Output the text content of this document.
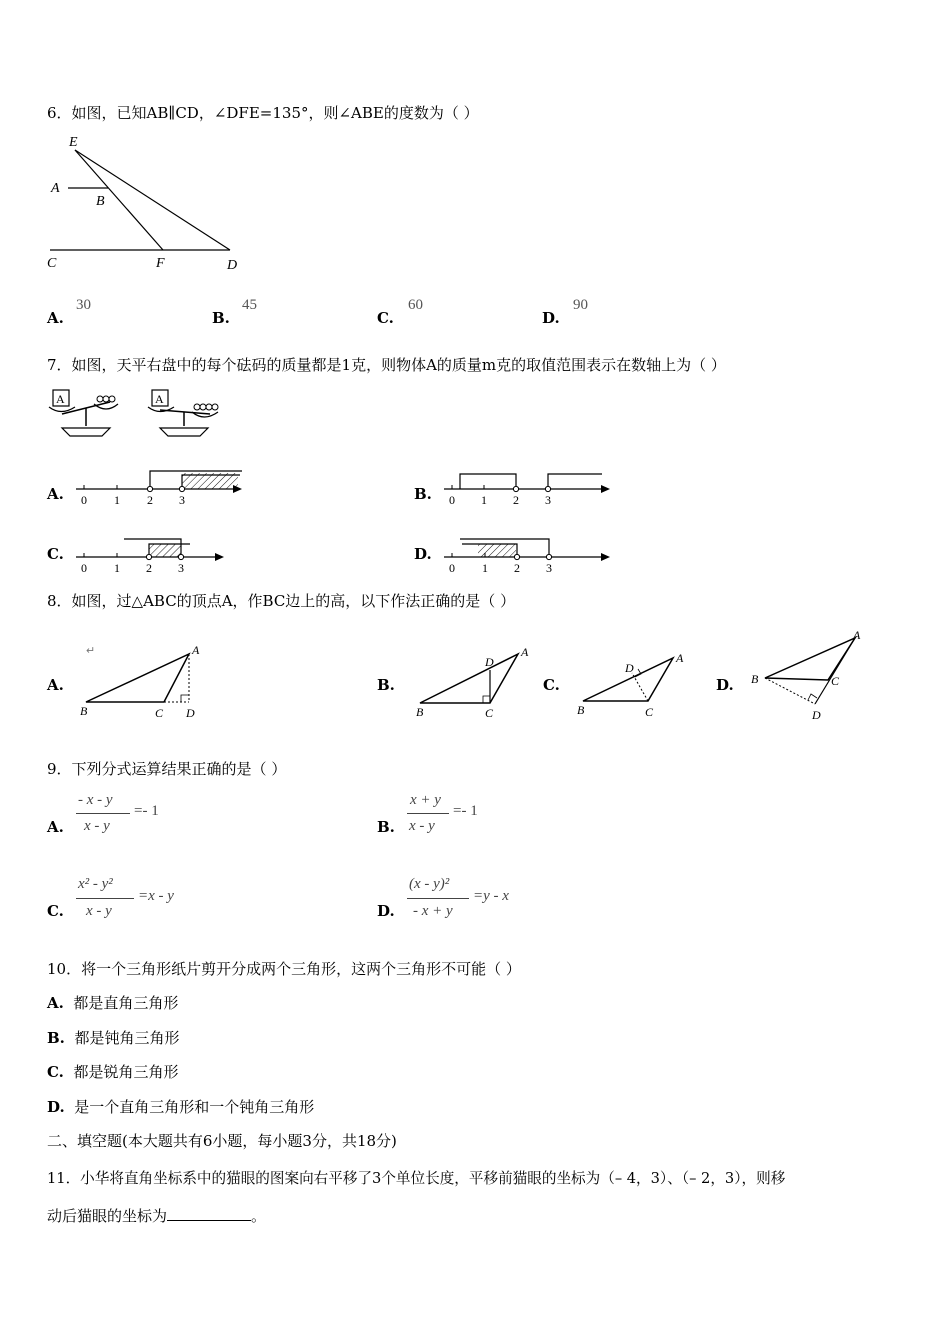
6．如图，已知AB∥CD，∠DFE=135°，则∠ABE的度数为（ ）
E
A
B
C	F	D
A.
30
B.
45
C.
60
D.
90
7．如图，天平右盘中的每个砝码的质量都是1克，则物体A的质量m克的取值范围表示在数轴上为（ ）
A	A
A. 0 1 2 3	B. 0 1 2 3
C.
0 1 2 3
D.
0 1 2 3
8．如图，过△ABC的顶点A，作BC边上的高，以下作法正确的是（ ）
A.
↵	A
B	C D
B.
A
B	C
D
C.
A
B	C
D
D.
A
B	C
D
9．下列分式运算结果正确的是（ ）
A.
- x - y
x - y
=- 1
B.
x + y
x - y
=- 1
C.
x² - y²
x - y
=x - y
D.
(x - y)²
- x + y
=y - x
10．将一个三角形纸片剪开分成两个三角形，这两个三角形不可能（ ）
A. 都是直角三角形
B. 都是钝角三角形
C. 都是锐角三角形
D. 是一个直角三角形和一个钝角三角形
二、填空题(本大题共有6小题，每小题3分，共18分)
11．小华将直角坐标系中的猫眼的图案向右平移了3个单位长度，平移前猫眼的坐标为（– 4，3）、（– 2，3），则移
动后猫眼的坐标为	。
